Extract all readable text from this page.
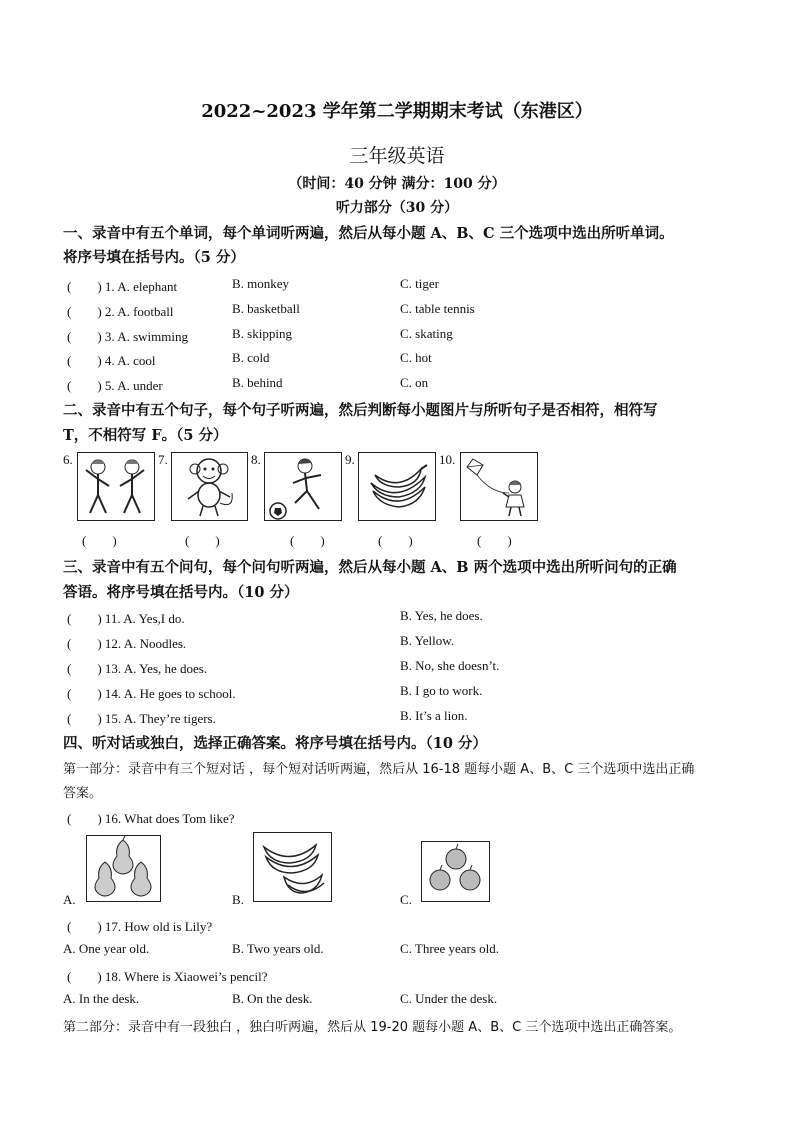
2022~2023 学年第二学期期末考试（东港区）
三年级英语
（时间：40 分钟 满分：100 分）
听力部分（30 分）
一、录音中有五个单词，每个单词听两遍，然后从每小题 A、B、C 三个选项中选出所听单词。
将序号填在括号内。（5 分）
(　　) 1. A. elephant	B. monkey	C. tiger
(　　) 2. A. football	B. basketball	C. table tennis
(　　) 3. A. swimming	B. skipping	C. skating
(　　) 4. A. cool	B. cold	C. hot
(　　) 5. A. under	B. behind	C. on
二、录音中有五个句子，每个句子听两遍，然后判断每小题图片与所听句子是否相符，相符写
T，不相符写 F。（5 分）
6.	7.	8.	9.	10.
(　　)	(　　)	(　　)	(　　)	(　　)
三、录音中有五个问句，每个问句听两遍，然后从每小题 A、B 两个选项中选出所听问句的正确
答语。将序号填在括号内。（10 分）
(　　) 11. A. Yes,I do.	B. Yes, he does.
(　　) 12. A. Noodles.	B. Yellow.
(　　) 13. A. Yes, he does.	B. No, she doesn’t.
(　　) 14. A. He goes to school.	B. I go to work.
(　　) 15. A. They’re tigers.	B. It’s a lion.
四、听对话或独白，选择正确答案。将序号填在括号内。（10 分）
第一部分：录音中有三个短对话 ，每个短对话听两遍，然后从 16-18 题每小题 A、B、C 三个选项中选出正确
答案。
(　　) 16. What does Tom like?
A.	B.	C.
(　　) 17. How old is Lily?
A. One year old.	B. Two years old.	C. Three years old.
(　　) 18. Where is Xiaowei’s pencil?
A. In the desk.	B. On the desk.	C. Under the desk.
第二部分：录音中有一段独白 ，独白听两遍，然后从 19-20 题每小题 A、B、C 三个选项中选出正确答案。
